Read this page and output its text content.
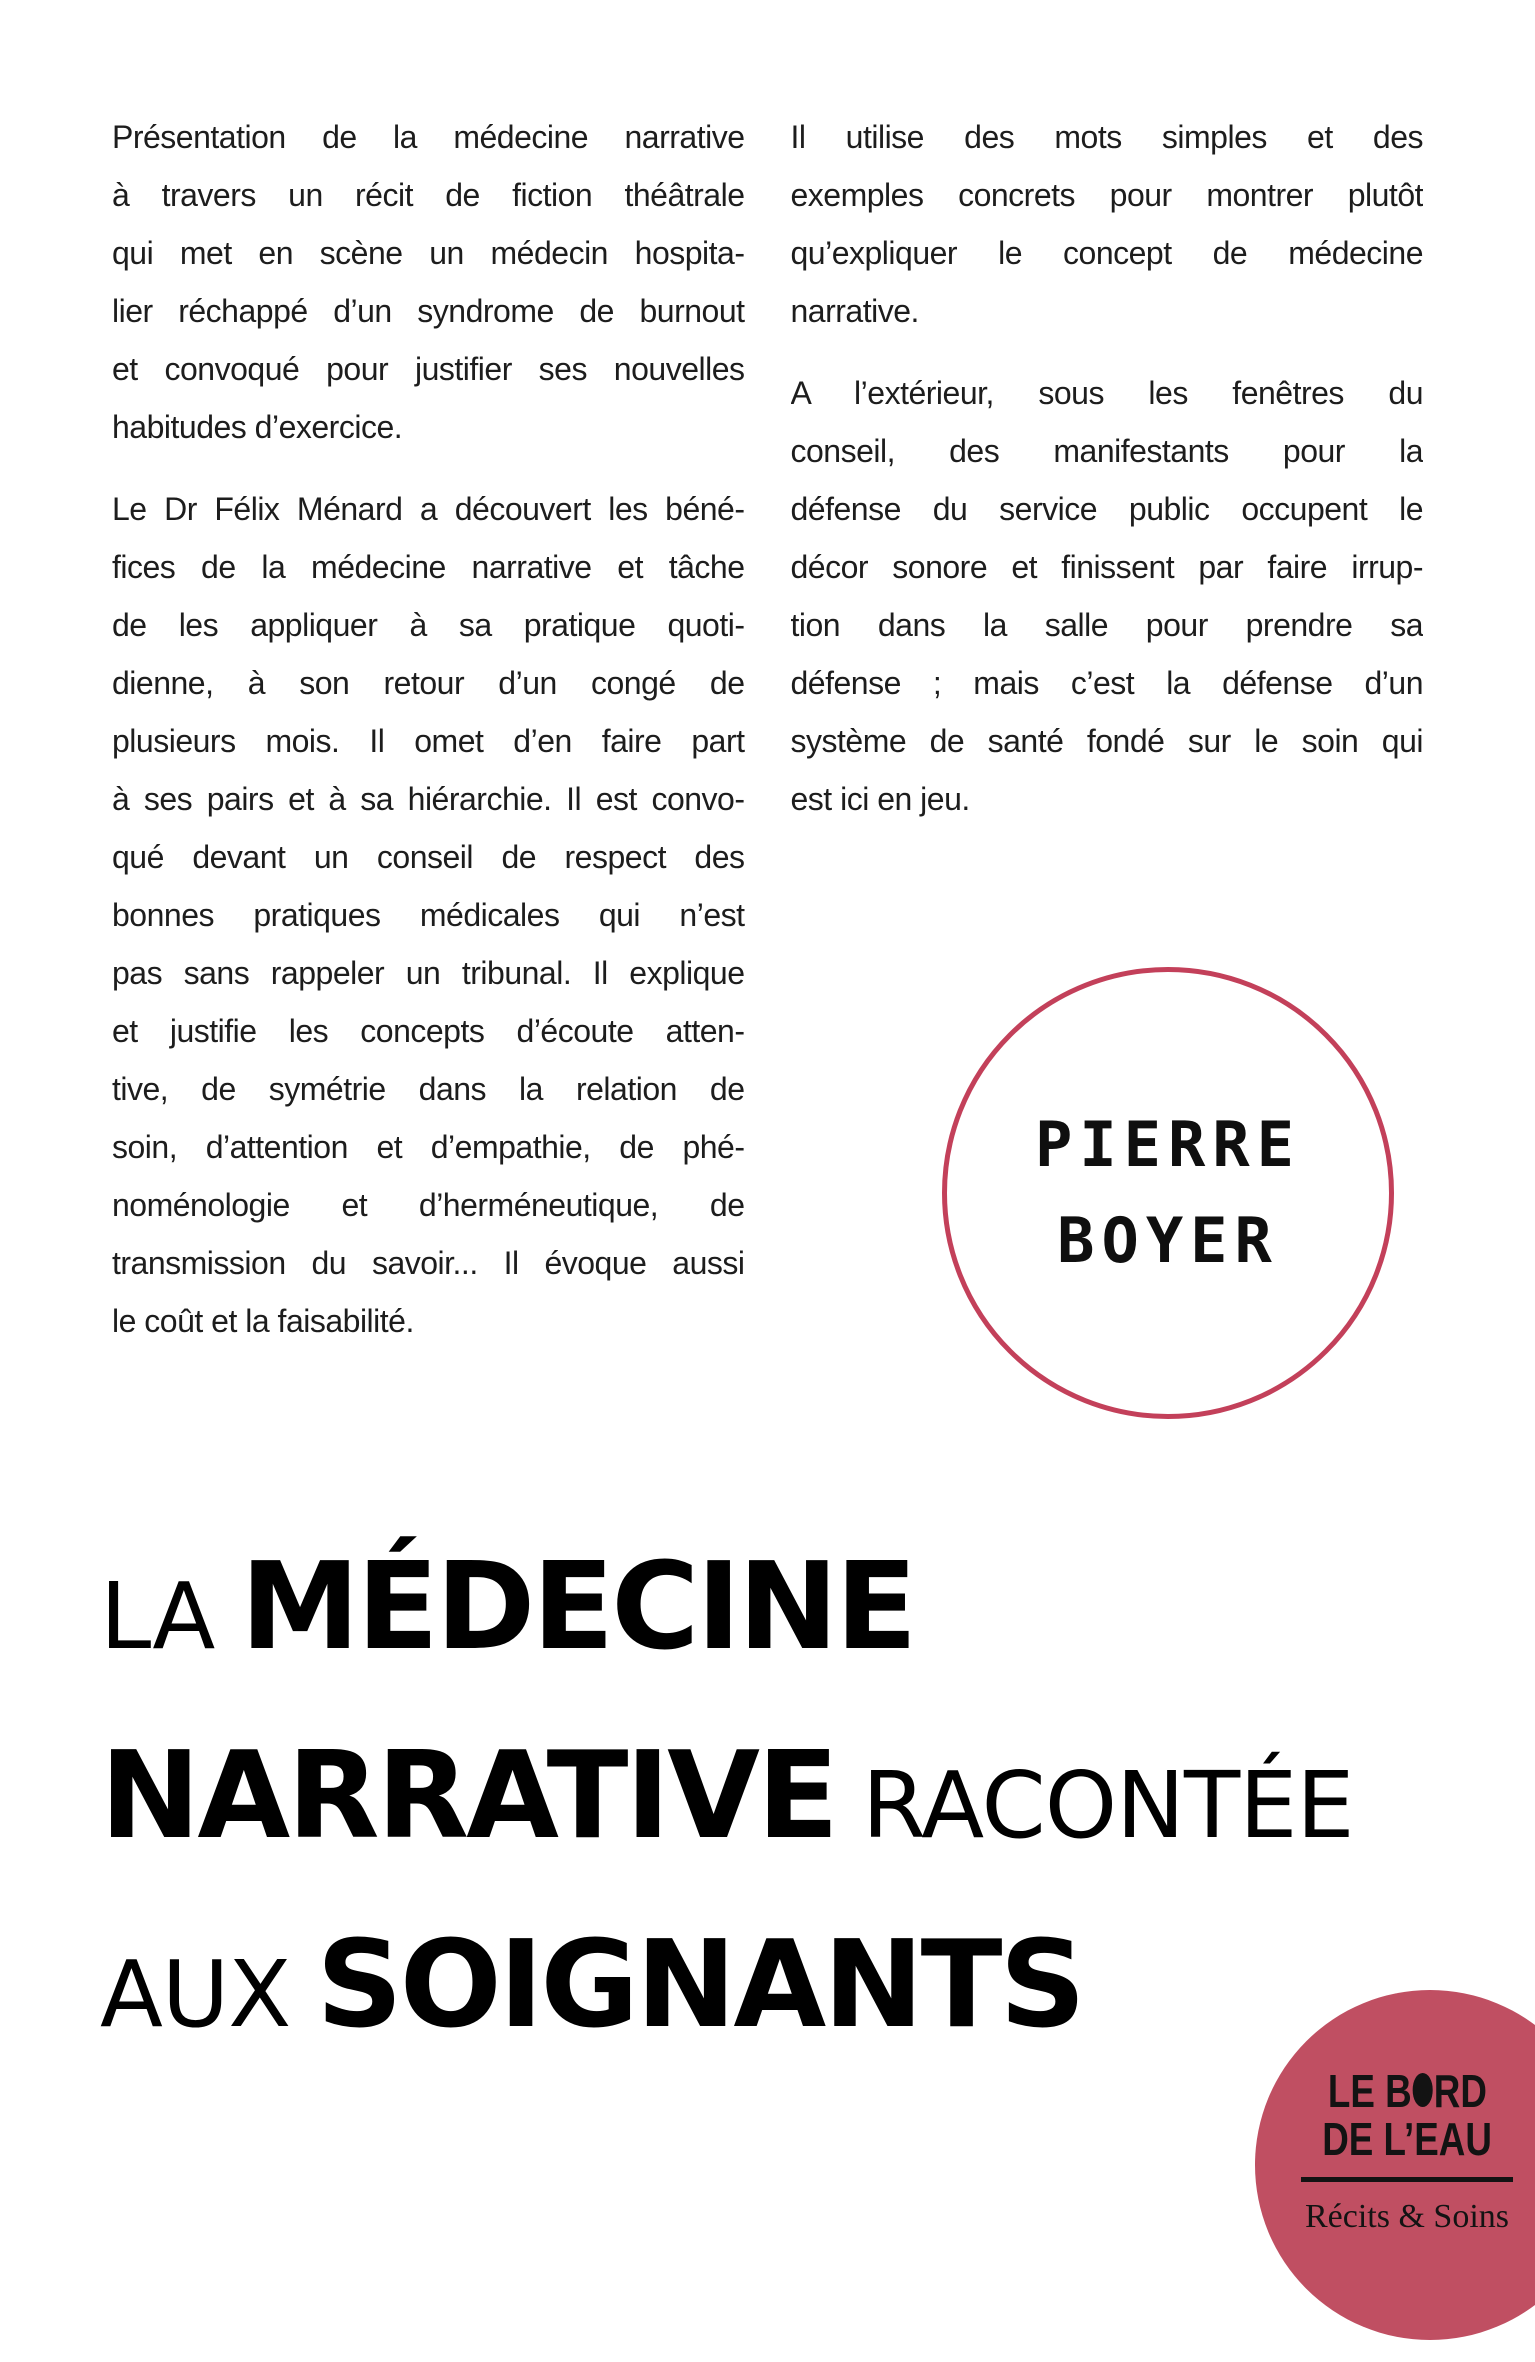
Présentation de la médecine narrative
à travers un récit de fiction théâtrale
qui met en scène un médecin hospita-
lier réchappé d’un syndrome de burnout
et convoqué pour justifier ses nouvelles
habitudes d’exercice.
Le Dr Félix Ménard a découvert les béné-
fices de la médecine narrative et tâche
de les appliquer à sa pratique quoti-
dienne, à son retour d’un congé de
plusieurs mois. Il omet d’en faire part
à ses pairs et à sa hiérarchie. Il est convo-
qué devant un conseil de respect des
bonnes pratiques médicales qui n’est
pas sans rappeler un tribunal. Il explique
et justifie les concepts d’écoute atten-
tive, de symétrie dans la relation de
soin, d’attention et d’empathie, de phé-
noménologie et d’herméneutique, de
transmission du savoir... Il évoque aussi
le coût et la faisabilité.
Il utilise des mots simples et des
exemples concrets pour montrer plutôt
qu’expliquer le concept de médecine
narrative.
A l’extérieur, sous les fenêtres du
conseil, des manifestants pour la
défense du service public occupent le
décor sonore et finissent par faire irrup-
tion dans la salle pour prendre sa
défense ; mais c’est la défense d’un
système de santé fondé sur le soin qui
est ici en jeu.
PIERRE
BOYER
LA MÉDECINE
NARRATIVE RACONTÉE
AUX SOIGNANTS
LE B RD
DE L’EAU
Récits & Soins
